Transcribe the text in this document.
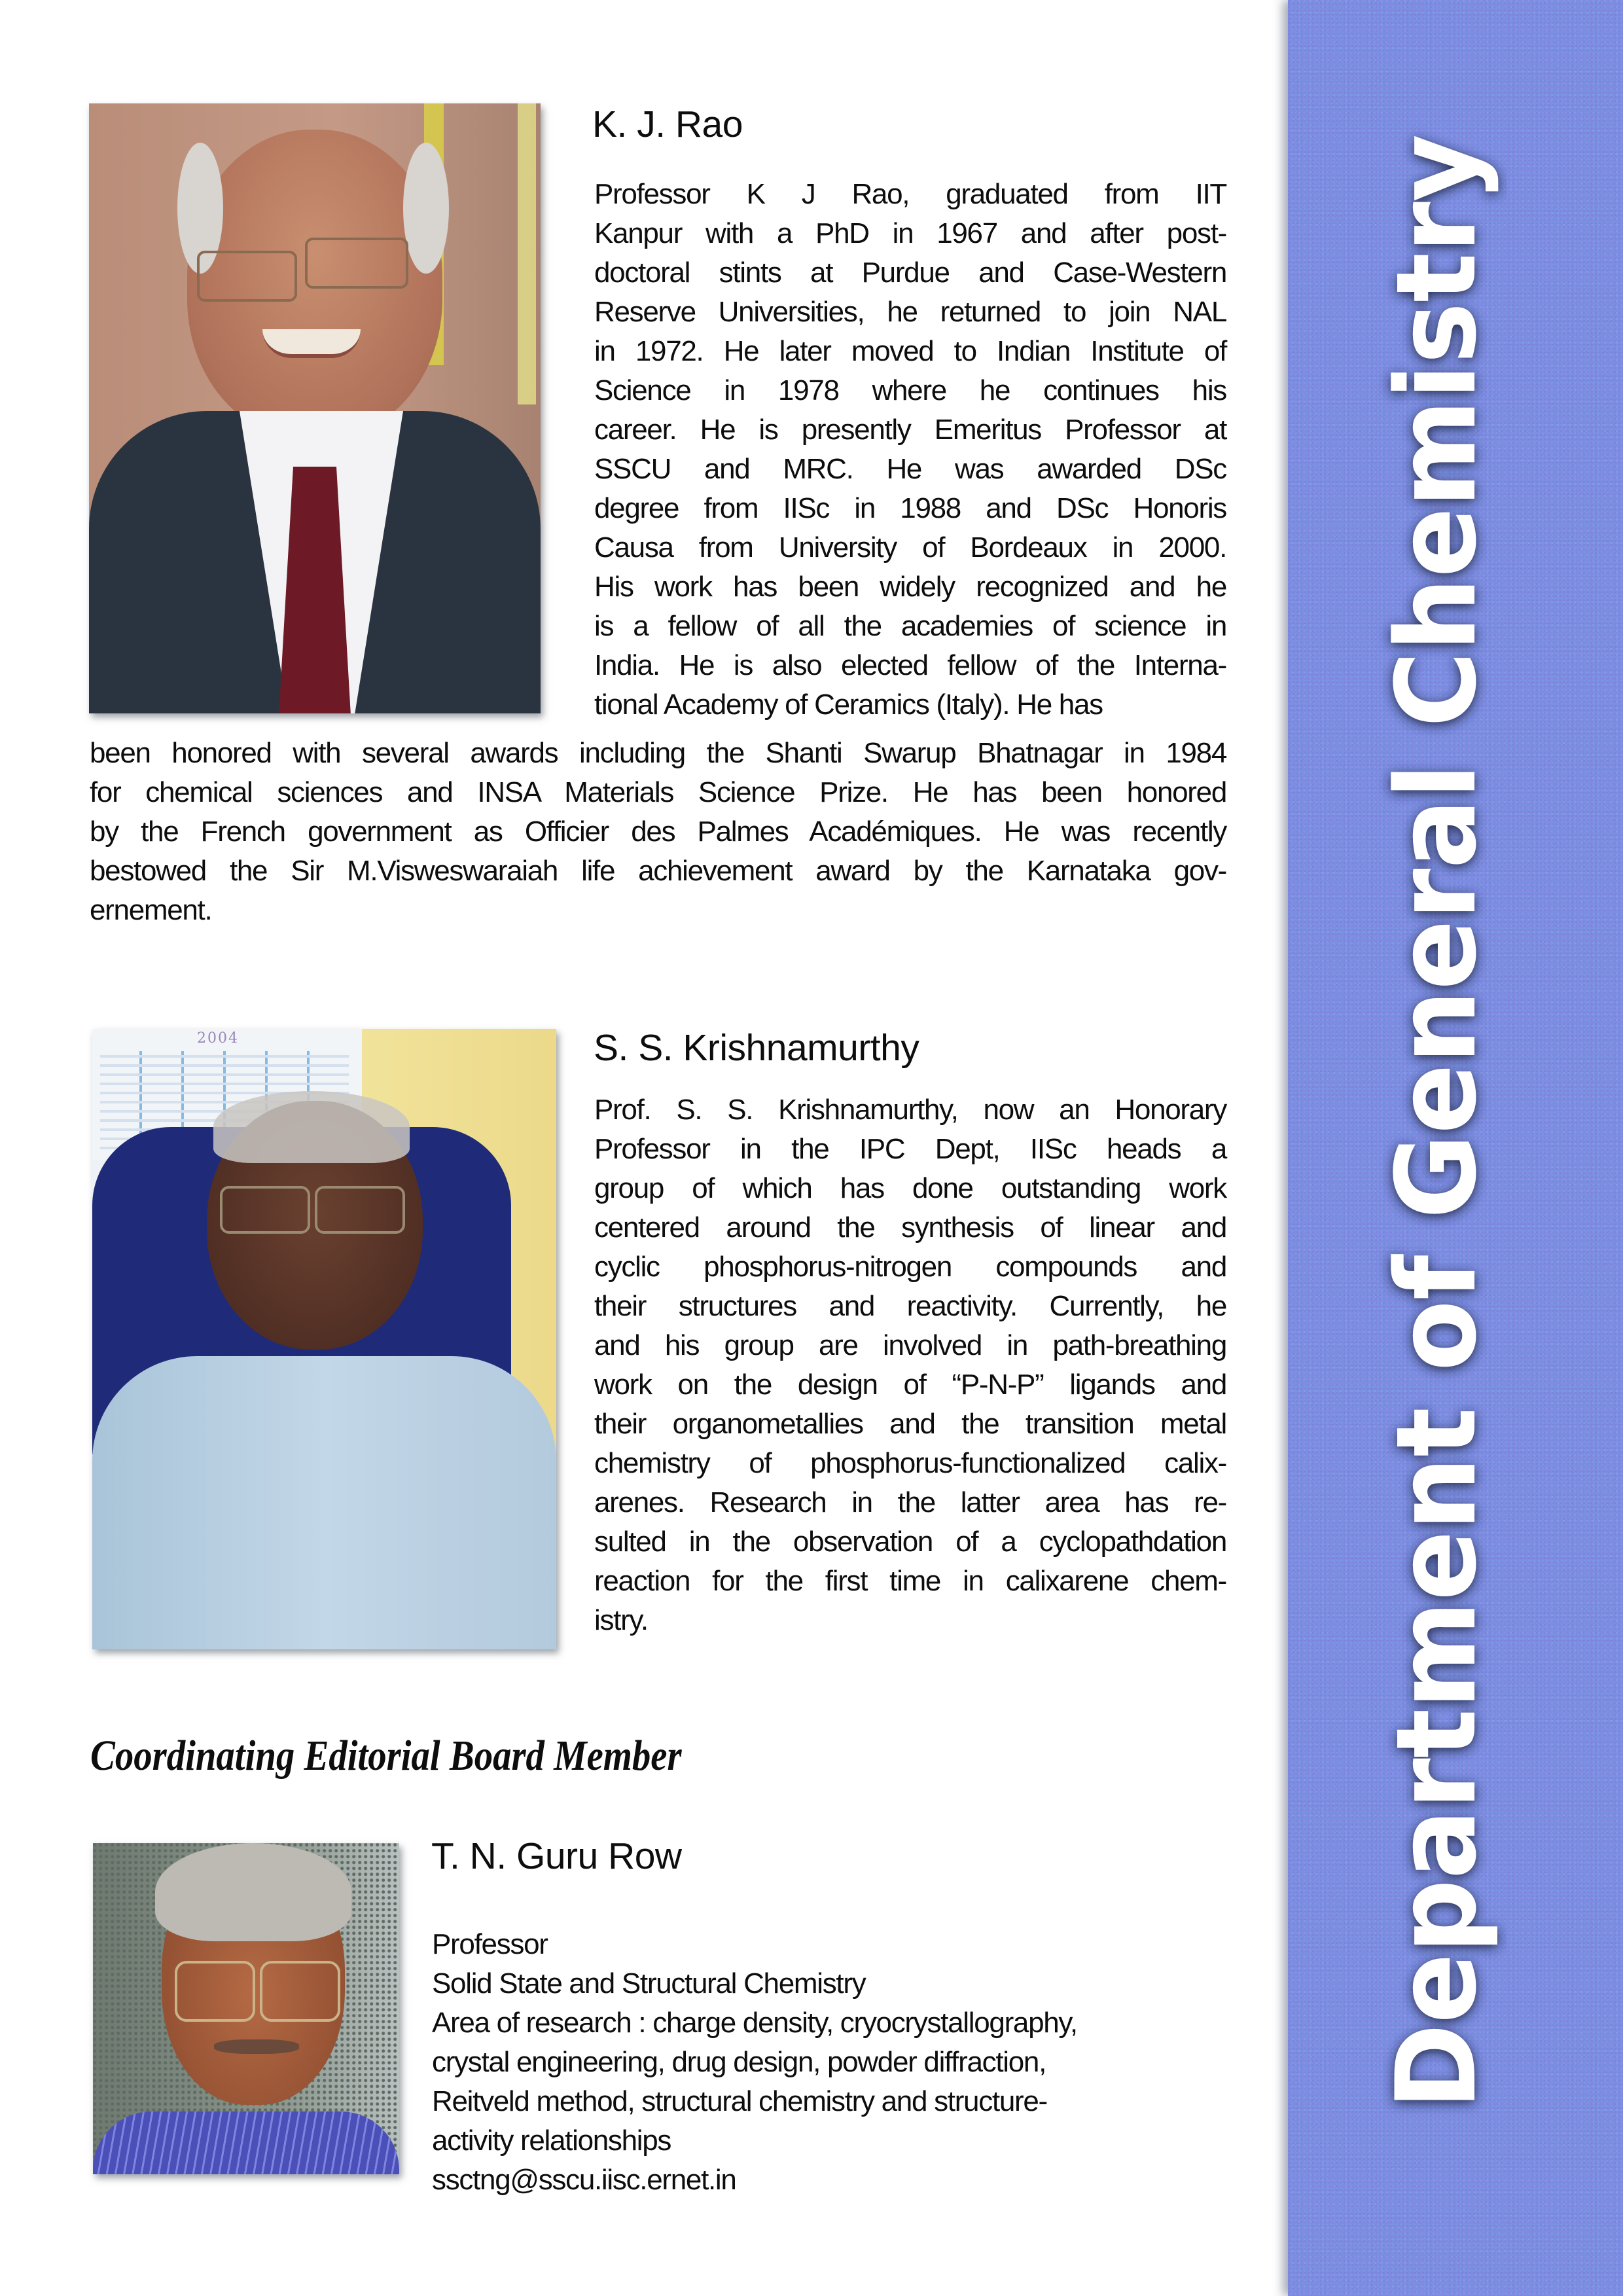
Department of General Chemistry
K. J. Rao
Professor K J Rao, graduated from IIT
Kanpur with a PhD in 1967 and after post-
doctoral stints at Purdue and Case-Western
Reserve Universities, he returned to join NAL
in 1972. He later moved to Indian Institute of
Science in 1978 where he continues his
career. He is presently Emeritus Professor at
SSCU and MRC. He was awarded DSc
degree from IISc in 1988 and DSc Honoris
Causa from University of Bordeaux in 2000.
His work has been widely recognized and he
is a fellow of all the academies of science in
India. He is also elected fellow of the Interna-
tional Academy of Ceramics (Italy). He has
been honored with several awards including the Shanti Swarup Bhatnagar in 1984
for chemical sciences and INSA Materials Science Prize. He has been honored
by the French government as Officier des Palmes Académiques. He was recently
bestowed the Sir M.Visweswaraiah life achievement award by the Karnataka gov-
ernement.
2004	S. S. Krishnamurthy
Prof. S. S. Krishnamurthy, now an Honorary
Professor in the IPC Dept, IISc heads a
group of which has done outstanding work
centered around the synthesis of linear and
cyclic phosphorus-nitrogen compounds and
their structures and reactivity. Currently, he
and his group are involved in path-breathing
work on the design of “P-N-P” ligands and
their organometallies and the transition metal
chemistry of phosphorus-functionalized calix-
arenes. Research in the latter area has re-
sulted in the observation of a cyclopathdation
reaction for the first time in calixarene chem-
istry.
Coordinating Editorial Board Member
T. N. Guru Row
Professor
Solid State and Structural Chemistry
Area of research : charge density, cryocrystallography,
crystal engineering, drug design, powder diffraction,
Reitveld method, structural chemistry and structure-
activity relationships
ssctng@sscu.iisc.ernet.in
